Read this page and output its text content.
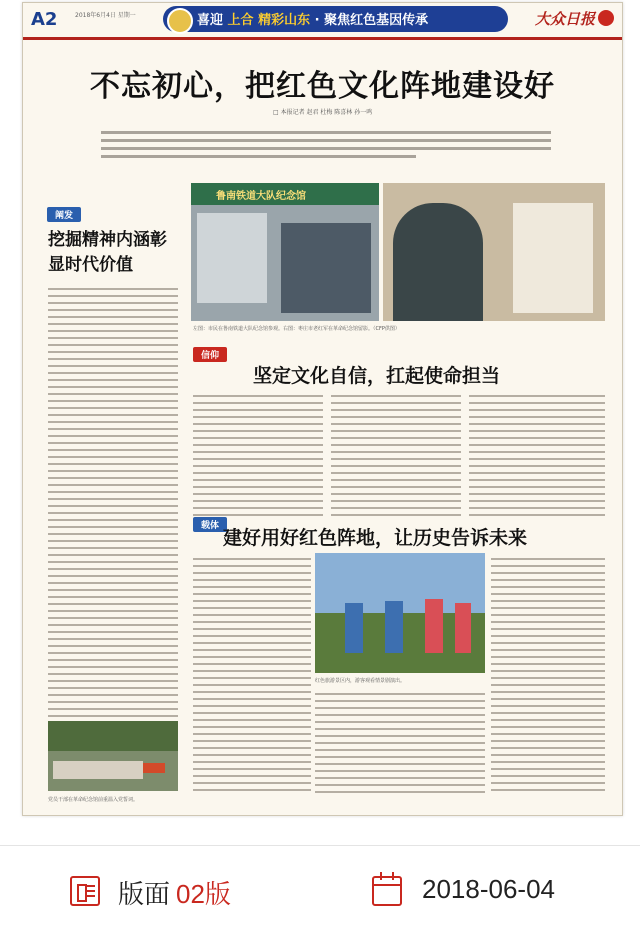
A2	2018年6月4日 星期一	喜迎 上合 精彩山东 · 聚焦红色基因传承	大众日报
不忘初心，把红色文化阵地建设好
□ 本报记者 赵君 杜梅 陈喜林 孙一鸣
阐发
挖掘精神内涵彰显时代价值
党员干部在革命纪念馆前重温入党誓词。
鲁南铁道大队纪念馆
左图：市民在鲁南铁道大队纪念馆参观。右图：枣庄市老红军在革命纪念馆留影。（CFP供图）
信仰
坚定文化自信，扛起使命担当
载体
建好用好红色阵地，让历史告诉未来
红色旅游景区内，游客观看情景剧演出。
版面 02版	2018-06-04
